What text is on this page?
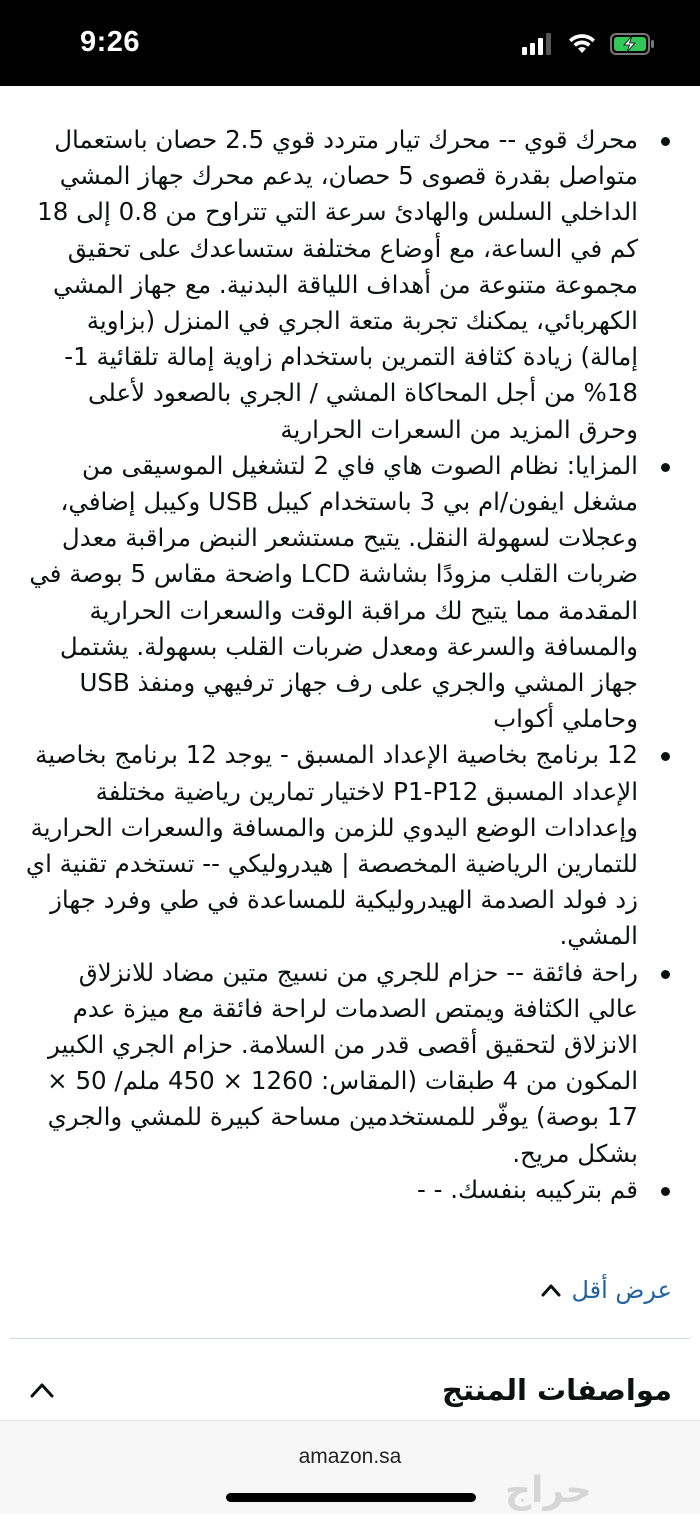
9:26
محرك قوي -- محرك تيار متردد قوي 2.5 حصان باستعمال متواصل بقدرة قصوى 5 حصان، يدعم محرك جهاز المشي الداخلي السلس والهادئ سرعة التي تتراوح من 0.8 إلى 18 كم في الساعة، مع أوضاع مختلفة ستساعدك على تحقيق مجموعة متنوعة من أهداف اللياقة البدنية. مع جهاز المشي الكهربائي، يمكنك تجربة متعة الجري في المنزل (بزاوية إمالة) زيادة كثافة التمرين باستخدام زاوية إمالة تلقائية 1-18% من أجل المحاكاة المشي / الجري بالصعود لأعلى وحرق المزيد من السعرات الحرارية
المزايا: نظام الصوت هاي فاي 2 لتشغيل الموسيقى من مشغل ايفون/ام بي 3 باستخدام كيبل USB وكيبل إضافي، وعجلات لسهولة النقل. يتيح مستشعر النبض مراقبة معدل ضربات القلب مزودًا بشاشة LCD واضحة مقاس 5 بوصة في المقدمة مما يتيح لك مراقبة الوقت والسعرات الحرارية والمسافة والسرعة ومعدل ضربات القلب بسهولة. يشتمل جهاز المشي والجري على رف جهاز ترفيهي ومنفذ USB وحاملي أكواب
12 برنامج بخاصية الإعداد المسبق - يوجد 12 برنامج بخاصية الإعداد المسبق P1-P12 لاختيار تمارين رياضية مختلفة وإعدادات الوضع اليدوي للزمن والمسافة والسعرات الحرارية للتمارين الرياضية المخصصة | هيدروليكي -- تستخدم تقنية اي زد فولد الصدمة الهيدروليكية للمساعدة في طي وفرد جهاز المشي.
راحة فائقة -- حزام للجري من نسيج متين مضاد للانزلاق عالي الكثافة ويمتص الصدمات لراحة فائقة مع ميزة عدم الانزلاق لتحقيق أقصى قدر من السلامة. حزام الجري الكبير المكون من 4 طبقات (المقاس: 1260 × 450 ملم/ 50 × 17 بوصة) يوفّر للمستخدمين مساحة كبيرة للمشي والجري بشكل مريح.
قم بتركيبه بنفسك. - -
عرض أقل
مواصفات المنتج
amazon.sa
حراج
